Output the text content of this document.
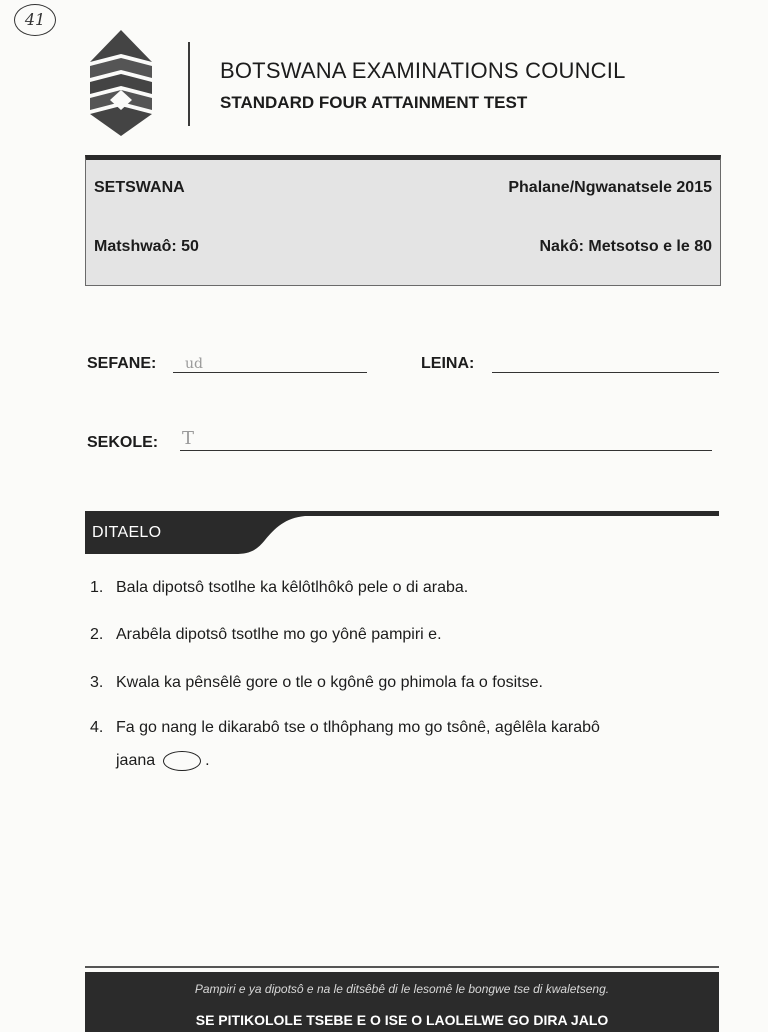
41
BOTSWANA EXAMINATIONS COUNCIL
STANDARD FOUR ATTAINMENT TEST
SETSWANA	Phalane/Ngwanatsele 2015
Matshwaô: 50	Nakô: Metsotso e le 80
SEFANE: ud	LEINA:
SEKOLE: T
DITAELO
1. Bala dipotsô tsotlhe ka kêlôtlhôkô pele o di araba.
2. Arabêla dipotsô tsotlhe mo go yônê pampiri e.
3. Kwala ka pênsêlê gore o tle o kgônê go phimola fa o fositse.
4. Fa go nang le dikarabô tse o tlhôphang mo go tsônê, agêlêla karabô
jaana	.
Pampiri e ya dipotsô e na le ditsêbê di le lesomê le bongwe tse di kwaletseng.
SE PITIKOLOLE TSEBE E O ISE O LAOLELWE GO DIRA JALO
